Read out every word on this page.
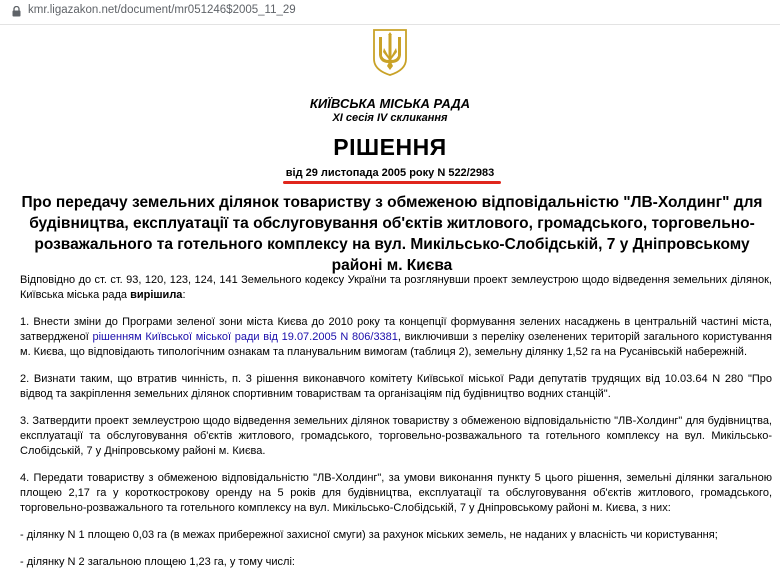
kmr.ligazakon.net/document/mr051246$2005_11_29
КИЇВСЬКА МІСЬКА РАДА
XI сесія IV скликання
РІШЕННЯ
від 29 листопада 2005 року N 522/2983
Про передачу земельних ділянок товариству з обмеженою відповідальністю "ЛВ-Холдинг" для будівництва, експлуатації та обслуговування об'єктів житлового, громадського, торговельно-розважального та готельного комплексу на вул. Микільсько-Слобідській, 7 у Дніпровському районі м. Києва

Відповідно до ст. ст. 93, 120, 123, 124, 141 Земельного кодексу України та розглянувши проект землеустрою щодо відведення земельних ділянок, Київська міська рада вирішила:

1. Внести зміни до Програми зеленої зони міста Києва до 2010 року та концепції формування зелених насаджень в центральній частині міста, затвердженої рішенням Київської міської ради від 19.07.2005 N 806/3381, виключивши з переліку озеленених територій загального користування м. Києва, що відповідають типологічним ознакам та планувальним вимогам (таблиця 2), земельну ділянку 1,52 га на Русанівській набережній.

2. Визнати таким, що втратив чинність, п. 3 рішення виконавчого комітету Київської міської Ради депутатів трудящих від 10.03.64 N 280 "Про відвод та закріплення земельних ділянок спортивним товариствам та організаціям під будівництво водних станцій".

3. Затвердити проект землеустрою щодо відведення земельних ділянок товариству з обмеженою відповідальністю "ЛВ-Холдинг" для будівництва, експлуатації та обслуговування об'єктів житлового, громадського, торговельно-розважального та готельного комплексу на вул. Микільсько-Слобідській, 7 у Дніпровському районі м. Києва.

4. Передати товариству з обмеженою відповідальністю "ЛВ-Холдинг", за умови виконання пункту 5 цього рішення, земельні ділянки загальною площею 2,17 га у короткострокову оренду на 5 років для будівництва, експлуатації та обслуговування об'єктів житлового, громадського, торговельно-розважального та готельного комплексу на вул. Микільсько-Слобідській, 7 у Дніпровському районі м. Києва, з них:

- ділянку N 1 площею 0,03 га (в межах прибережної захисної смуги) за рахунок міських земель, не наданих у власність чи користування;

- ділянку N 2 загальною площею 1,23 га, у тому числі:
